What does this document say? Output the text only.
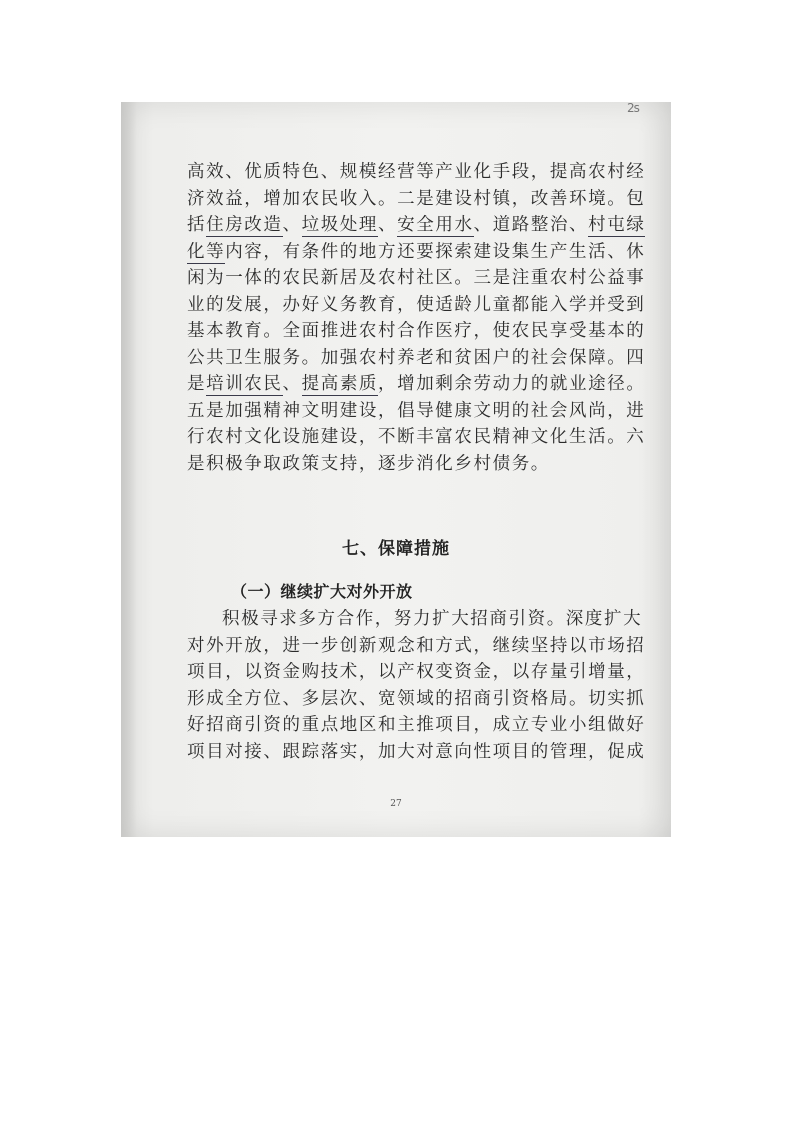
2s
高效、优质特色、规模经营等产业化手段，提高农村经
济效益，增加农民收入。二是建设村镇，改善环境。包
括住房改造、垃圾处理、安全用水、道路整治、村屯绿
化等内容，有条件的地方还要探索建设集生产生活、休
闲为一体的农民新居及农村社区。三是注重农村公益事
业的发展，办好义务教育，使适龄儿童都能入学并受到
基本教育。全面推进农村合作医疗，使农民享受基本的
公共卫生服务。加强农村养老和贫困户的社会保障。四
是培训农民、提高素质，增加剩余劳动力的就业途径。
五是加强精神文明建设，倡导健康文明的社会风尚，进
行农村文化设施建设，不断丰富农民精神文化生活。六
是积极争取政策支持，逐步消化乡村债务。
七、保障措施
（一）继续扩大对外开放
积极寻求多方合作，努力扩大招商引资。深度扩大
对外开放，进一步创新观念和方式，继续坚持以市场招
项目，以资金购技术，以产权变资金，以存量引增量，
形成全方位、多层次、宽领域的招商引资格局。切实抓
好招商引资的重点地区和主推项目，成立专业小组做好
项目对接、跟踪落实，加大对意向性项目的管理，促成
27
